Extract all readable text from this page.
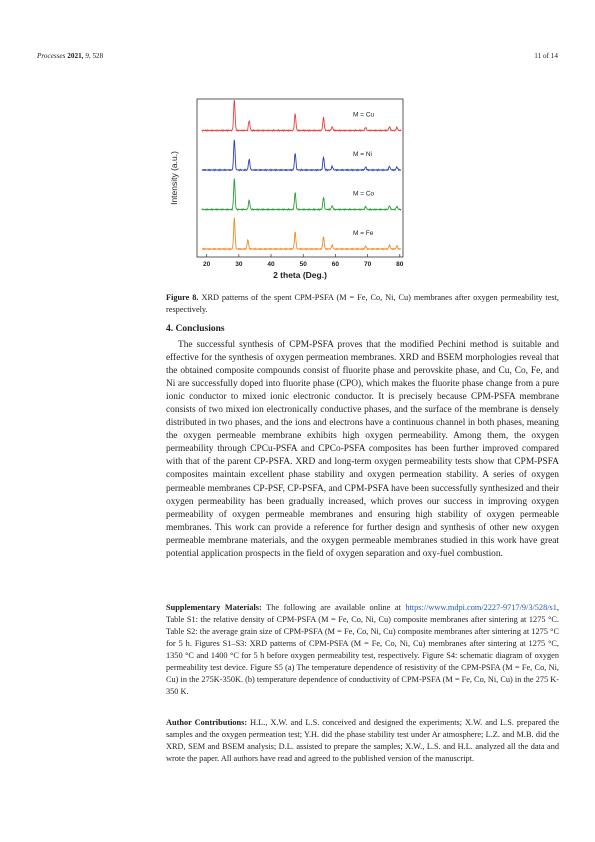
Processes 2021, 9, 528	11 of 14
Intensity (a.u.)
2 theta (Deg.)
20	30	40	50	60	70	80
M = Cu
M = Ni
M = Co
M = Fe
Figure 8. XRD patterns of the spent CPM-PSFA (M = Fe, Co, Ni, Cu) membranes after oxygen permeability test, respectively.
4. Conclusions
The successful synthesis of CPM-PSFA proves that the modified Pechini method is suitable and effective for the synthesis of oxygen permeation membranes. XRD and BSEM morphologies reveal that the obtained composite compounds consist of fluorite phase and perovskite phase, and Cu, Co, Fe, and Ni are successfully doped into fluorite phase (CPO), which makes the fluorite phase change from a pure ionic conductor to mixed ionic electronic conductor. It is precisely because CPM-PSFA membrane consists of two mixed ion electronically conductive phases, and the surface of the membrane is densely distributed in two phases, and the ions and electrons have a continuous channel in both phases, meaning the oxygen permeable membrane exhibits high oxygen permeability. Among them, the oxygen permeability through CPCu-PSFA and CPCo-PSFA composites has been further improved compared with that of the parent CP-PSFA. XRD and long-term oxygen permeability tests show that CPM-PSFA composites maintain excellent phase stability and oxygen permeation stability. A series of oxygen permeable membranes CP-PSF, CP-PSFA, and CPM-PSFA have been successfully synthesized and their oxygen permeability has been gradually increased, which proves our success in improving oxygen permeability of oxygen permeable membranes and ensuring high stability of oxygen permeable membranes. This work can provide a reference for further design and synthesis of other new oxygen permeable membrane materials, and the oxygen permeable membranes studied in this work have great potential application prospects in the field of oxygen separation and oxy-fuel combustion.
Supplementary Materials: The following are available online at https://www.mdpi.com/2227-9717/9/3/528/s1, Table S1: the relative density of CPM-PSFA (M = Fe, Co, Ni, Cu) composite membranes after sintering at 1275 °C. Table S2: the average grain size of CPM-PSFA (M = Fe, Co, Ni, Cu) composite membranes after sintering at 1275 °C for 5 h. Figures S1–S3: XRD patterns of CPM-PSFA (M = Fe, Co, Ni, Cu) membranes after sintering at 1275 °C, 1350 °C and 1400 °C for 5 h before oxygen permeability test, respectively. Figure S4: schematic diagram of oxygen permeability test device. Figure S5 (a) The temperature dependence of resistivity of the CPM-PSFA (M = Fe, Co, Ni, Cu) in the 275K-350K. (b) temperature dependence of conductivity of CPM-PSFA (M = Fe, Co, Ni, Cu) in the 275 K-350 K.
Author Contributions: H.L., X.W. and L.S. conceived and designed the experiments; X.W. and L.S. prepared the samples and the oxygen permeation test; Y.H. did the phase stability test under Ar atmosphere; L.Z. and M.B. did the XRD, SEM and BSEM analysis; D.L. assisted to prepare the samples; X.W., L.S. and H.L. analyzed all the data and wrote the paper. All authors have read and agreed to the published version of the manuscript.
